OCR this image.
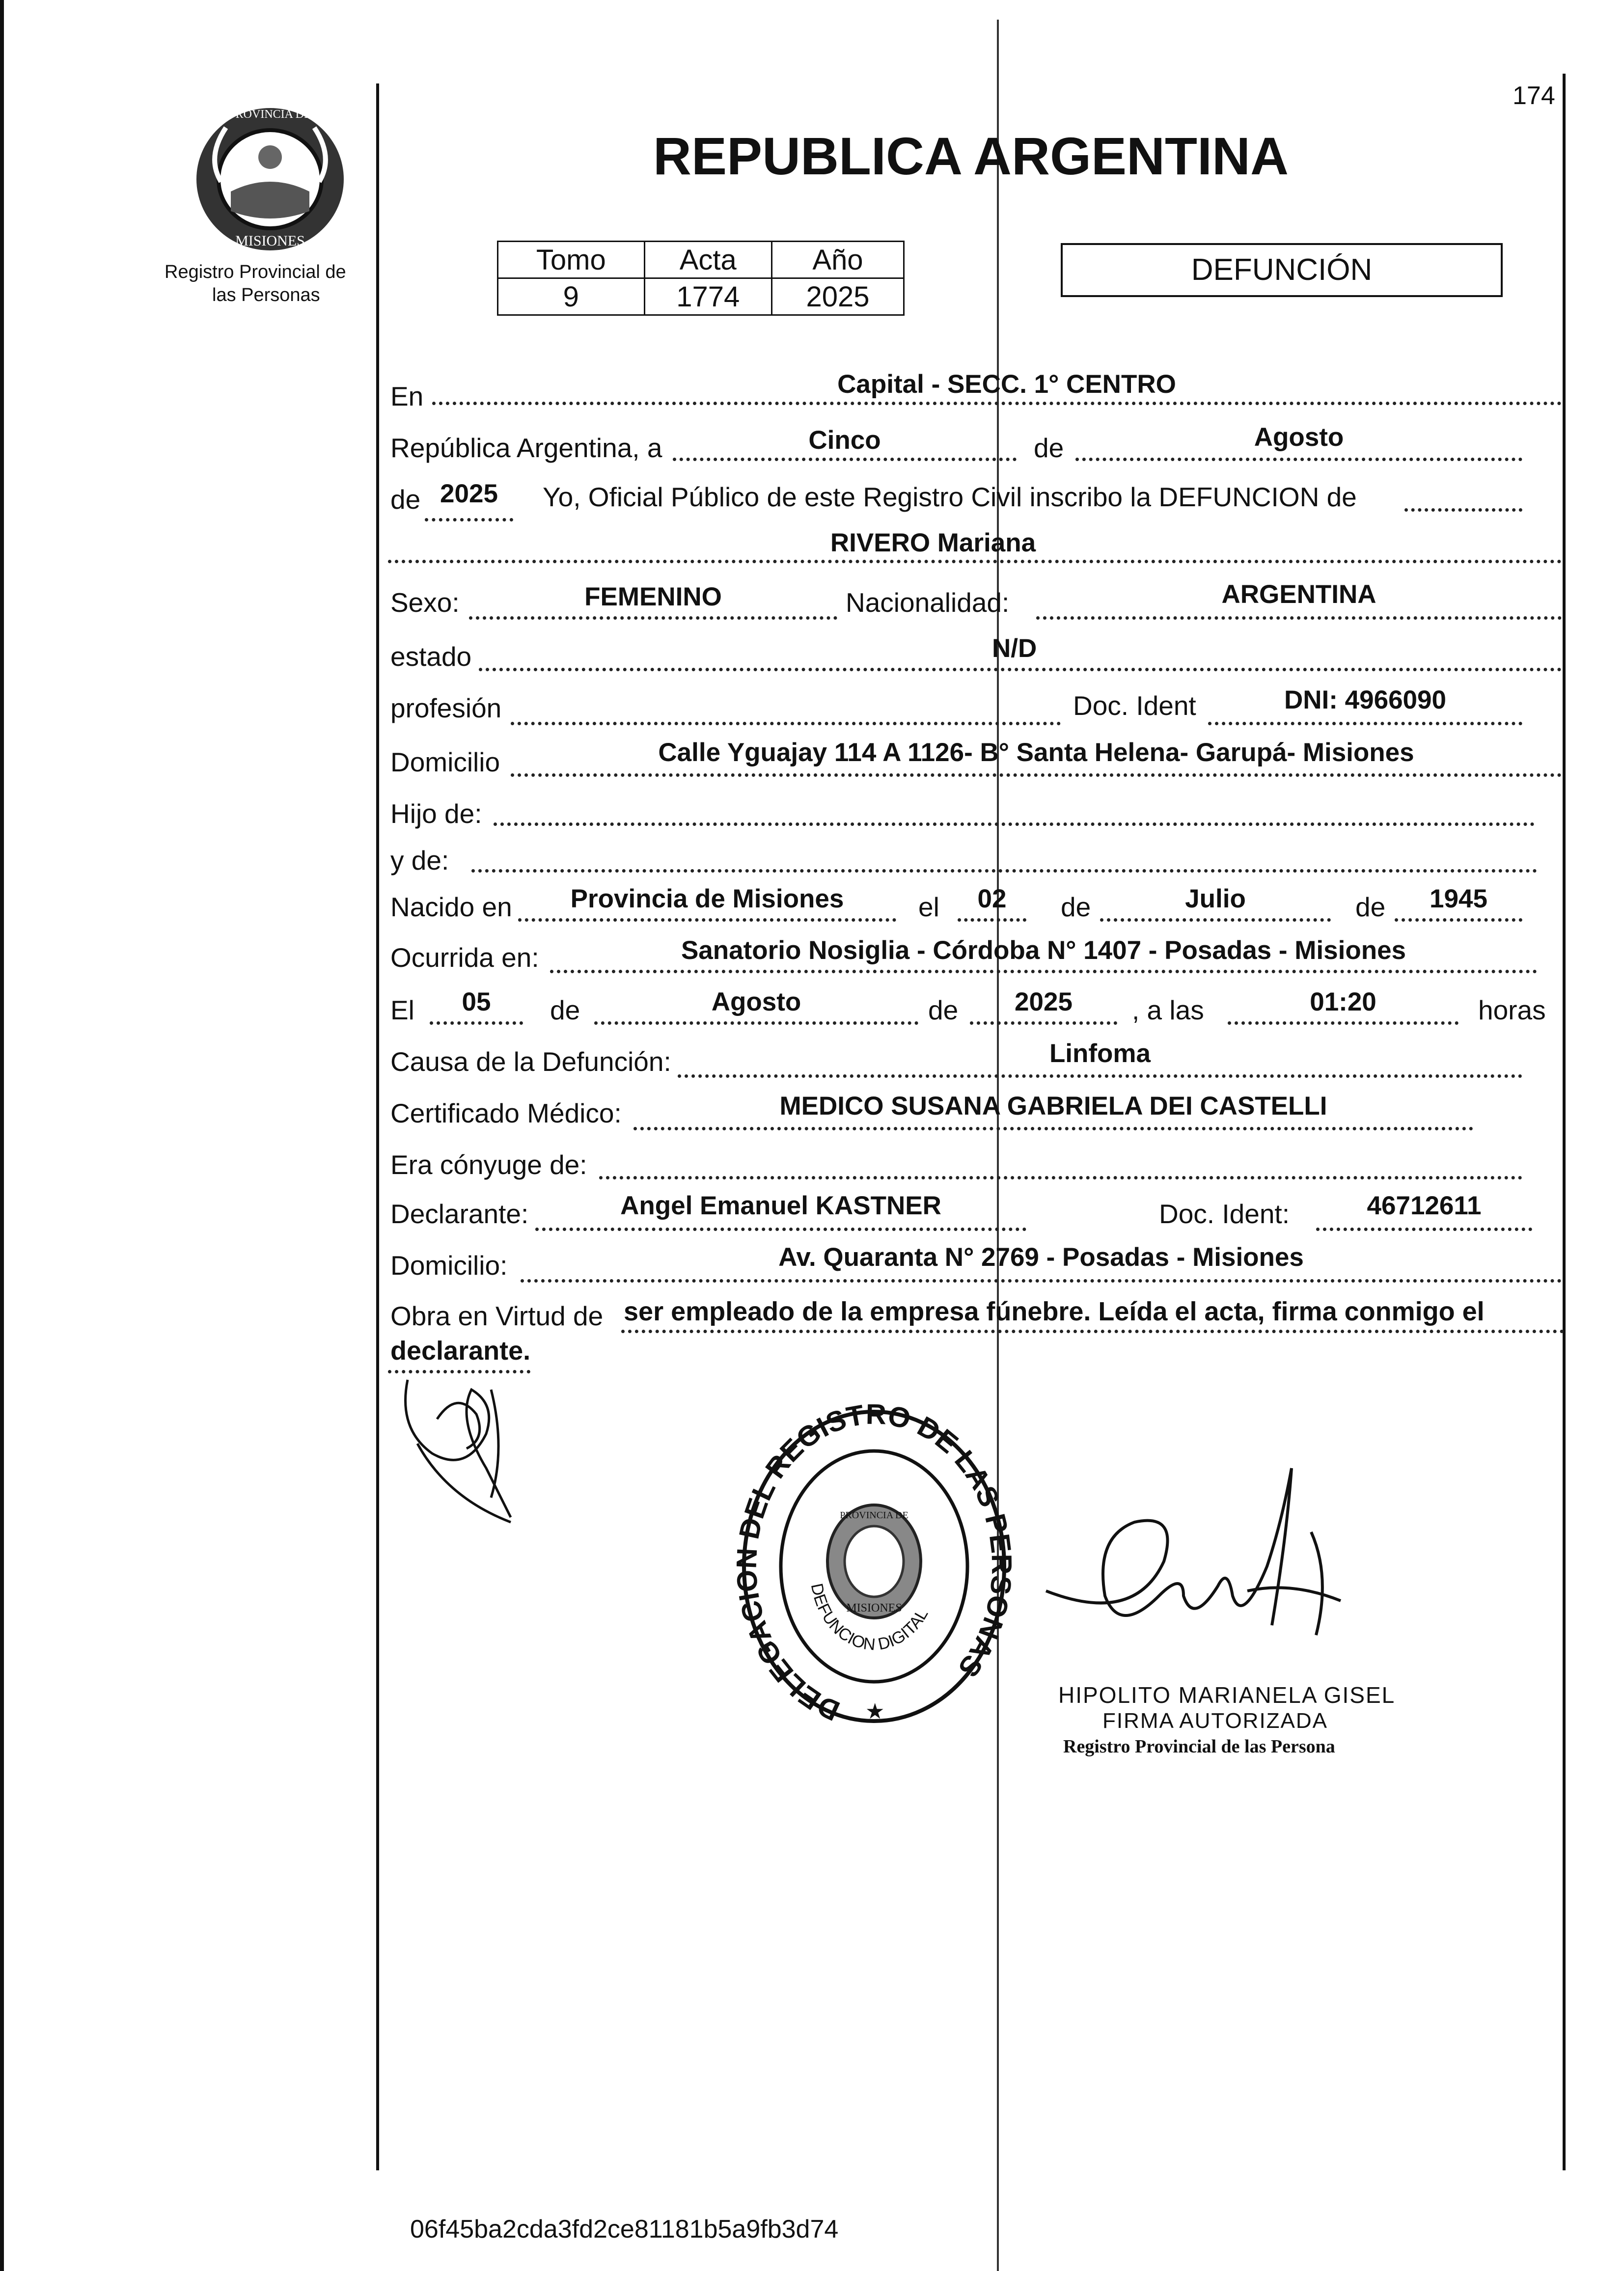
174
PROVINCIA DE
MISIONES
Registro Provincial de
las Personas
REPUBLICA ARGENTINA
Tomo	Acta	Año
9	1774	2025
DEFUNCIÓN
En	Capital - SECC. 1° CENTRO
República Argentina, a	Cinco	de	Agosto
de 2025	Yo, Oficial Público de este Registro Civil inscribo la DEFUNCION de
RIVERO Mariana
Sexo:	FEMENINO	Nacionalidad:	ARGENTINA
estado	N/D
profesión	Doc. Ident	DNI: 4966090
Domicilio	Calle Yguajay 114 A 1126- B° Santa Helena- Garupá- Misiones
Hijo de:
y de:
Nacido en	Provincia de Misiones	el	02	de	Julio	de	1945
Ocurrida en:	Sanatorio Nosiglia - Córdoba N° 1407 - Posadas - Misiones
El	05	de	Agosto	de	2025	, a las	01:20	horas
Causa de la Defunción:	Linfoma
Certificado Médico:	MEDICO SUSANA GABRIELA DEI CASTELLI
Era cónyuge de:
Declarante:	Angel Emanuel KASTNER	Doc. Ident:	46712611
Domicilio:	Av. Quaranta N° 2769 - Posadas - Misiones
Obra en Virtud de ser empleado de la empresa fúnebre. Leída el acta, firma conmigo el
declarante.
DELEGAC EL REGISTRO DE LAS P ONAS
PROVINCIA DE
MISIONES
DEFUNCION DIGITAL
★
HIPOLITO MARIANELA GISEL
FIRMA AUTORIZADA
Registro Provincial de las Persona
06f45ba2cda3fd2ce81181b5a9fb3d74
